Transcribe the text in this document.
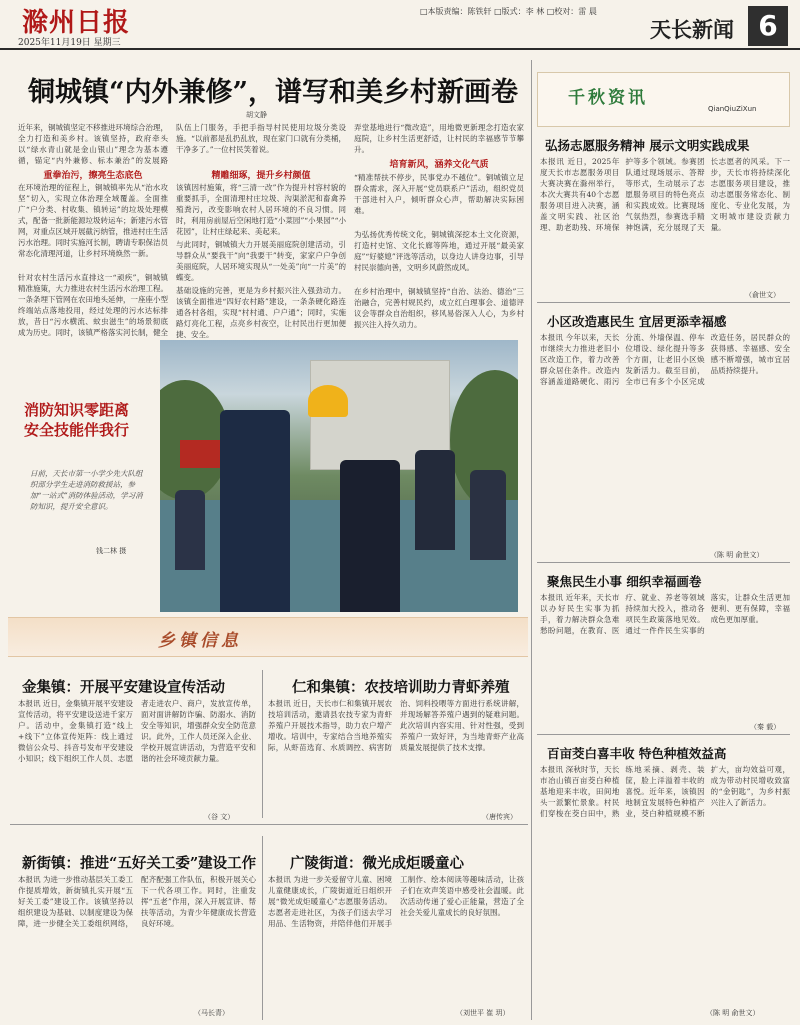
滁州日报
2025年11月19日 星期三
□本版责编：陈铁轩 □版式：李 林 □校对：雷 晨
天长新闻 6
铜城镇“内外兼修”，谱写和美乡村新画卷
胡文静
近年来，铜城镇坚定不移推进环境综合治理，全力打造和美乡村。该镇坚持，政府牵头以“绿水青山就是金山银山”理念为基本遵循，锚定“内外兼修、标本兼治”的发展路
重拳治污，擦亮生态底色
在环境治理的征程上，铜城镇率先从“治水攻坚”切入，实现立体治理全域覆盖。全面推广“户分类、村收集、镇转运”的垃圾处理模式，配备一批新能源垃圾转运车；新建污水管网，对重点区域开展截污纳管，推进村庄生活污水治理。同时实施河长制，聘请专职保洁员常态化清理河道，让乡村环境焕然一新。
针对农村生活污水直排这一“顽疾”，铜城镇精准施策，大力推进农村生活污水治理工程。一条条埋下管网在农田地头延伸，一座座小型终端站点落地投用，经过处理的污水达标排放，昔日“污水横流、蚊虫滋生”的场景彻底成为历史。同时，该镇严格落实河长制，健全
队伍上门服务，手把手指导村民使用垃圾分类设施。“以前都是乱扔乱放，现在家门口就有分类桶，干净多了。”一位村民笑着说。
精雕细琢，提升乡村颜值
该镇因村施策，将“三清一改”作为提升村容村貌的重要抓手，全面清理村庄垃圾、沟渠淤泥和畜禽养殖粪污，改变影响农村人居环境的不良习惯。同时，利用房前屋后空闲地打造“小菜园”“小果园”“小花园”，让村庄绿起来、美起来。
与此同时，铜城镇大力开展美丽庭院创建活动，引导群众从“要我干”向“我要干”转变，家家户户争创美丽庭院，人居环境实现从“一处美”向“一片美”的蝶变。
基础设施的完善，更是为乡村振兴注入强劲动力。该镇全面推进“四好农村路”建设，一条条硬化路连通各村各组，实现“村村通、户户通”；同时，实施路灯亮化工程，点亮乡村夜空，让村民出行更加便捷、安全。
弄堂基地进行“微改造”，用地微更新理念打造农家庭院，让乡村生活更舒适，让村民的幸福感节节攀升。
培育新风，涵养文化气质
“精准帮扶不停步，民事党办不越位”。铜城镇立足群众需求，深入开展“党员联系户”活动，组织党员干部进村入户，倾听群众心声，帮助解决实际困难。
为弘扬优秀传统文化，铜城镇深挖本土文化资源，打造村史馆、文化长廊等阵地，通过开展“最美家庭”“好婆媳”评选等活动，以身边人讲身边事，引导村民崇德向善，文明乡风蔚然成风。
在乡村治理中，铜城镇坚持“自治、法治、德治”三治融合，完善村规民约，成立红白理事会、道德评议会等群众自治组织，移风易俗深入人心，为乡村振兴注入持久动力。
消防知识零距离
安全技能伴我行
日前，天长市第一小学少先大队组织部分学生走进消防救援站，参加“一站式”消防体验活动，学习消防知识，提升安全意识。
钱二林 摄
乡镇信息
金集镇：开展平安建设宣传活动
本报讯 近日，金集镇开展平安建设宣传活动，将平安建设送进千家万户。活动中，金集镇打造“线上+线下”立体宣传矩阵：线上通过微信公众号、抖音号发布平安建设小知识；线下组织工作人员、志愿者走进农户、商户，发放宣传单，面对面讲解防诈骗、防溺水、消防安全等知识，增强群众安全防范意识。此外，工作人员还深入企业、学校开展宣讲活动，为营造平安和谐的社会环境贡献力量。
（谷 文）
仁和集镇：农技培训助力青虾养殖
本报讯 近日，天长市仁和集镇开展农技培训活动，邀请县农技专家为青虾养殖户开展技术指导，助力农户增产增收。培训中，专家结合当地养殖实际，从虾苗选育、水质调控、病害防治、饲料投喂等方面进行系统讲解，并现场解答养殖户遇到的疑难问题。此次培训内容实用、针对性强，受到养殖户一致好评，为当地青虾产业高质量发展提供了技术支撑。
（唐传宾）
新街镇：推进“五好关工委”建设工作
本报讯 为进一步推动基层关工委工作提质增效，新街镇扎实开展“五好关工委”建设工作。该镇坚持以组织建设为基础、以制度建设为保障，进一步健全关工委组织网络，配齐配强工作队伍，积极开展关心下一代各项工作。同时，注重发挥“五老”作用，深入开展宣讲、帮扶等活动，为青少年健康成长营造良好环境。
（马长青）
广陵街道：微光成炬暖童心
本报讯 为进一步关爱留守儿童、困境儿童健康成长，广陵街道近日组织开展“微光成炬暖童心”志愿服务活动。志愿者走进社区，为孩子们送去学习用品、生活物资，并陪伴他们开展手工制作、绘本阅读等趣味活动，让孩子们在欢声笑语中感受社会温暖。此次活动传递了爱心正能量，营造了全社会关爱儿童成长的良好氛围。
（刘世平 崔 玥）
千秋资讯
QianQiuZiXun
弘扬志愿服务精神 展示文明实践成果
本报讯 近日，2025年度天长市志愿服务项目大赛决赛在滁州举行，本次大赛共有40个志愿服务项目进入决赛，涵盖文明实践、社区治理、助老助残、环境保护等多个领域。参赛团队通过现场展示、答辩等形式，生动展示了志愿服务项目的特色亮点和实践成效。比赛现场气氛热烈，参赛选手精神饱满，充分展现了天长志愿者的风采。下一步，天长市将持续深化志愿服务项目建设，推动志愿服务常态化、制度化、专业化发展，为文明城市建设贡献力量。
（俞世文）
小区改造惠民生 宜居更添幸福感
本报讯 今年以来，天长市继续大力推进老旧小区改造工作，着力改善群众居住条件。改造内容涵盖道路硬化、雨污分流、外墙保温、停车位增设、绿化提升等多个方面，让老旧小区焕发新活力。截至目前，全市已有多个小区完成改造任务，居民群众的获得感、幸福感、安全感不断增强，城市宜居品质持续提升。
（陈 明 俞世文）
聚焦民生小事 细织幸福画卷
本报讯 近年来，天长市以办好民生实事为抓手，着力解决群众急难愁盼问题，在教育、医疗、就业、养老等领域持续加大投入，推动各项民生政策落地见效。通过一件件民生实事的落实，让群众生活更加便利、更有保障，幸福成色更加厚重。
（秦 毅）
百亩茭白喜丰收 特色种植效益高
本报讯 深秋时节，天长市冶山镇百亩茭白种植基地迎来丰收，田间地头一派繁忙景象。村民们穿梭在茭白田中，熟练地采摘、剥壳、装筐，脸上洋溢着丰收的喜悦。近年来，该镇因地制宜发展特色种植产业，茭白种植规模不断扩大，亩均效益可观，成为带动村民增收致富的“金钥匙”，为乡村振兴注入了新活力。
（陈 明 俞世文）
